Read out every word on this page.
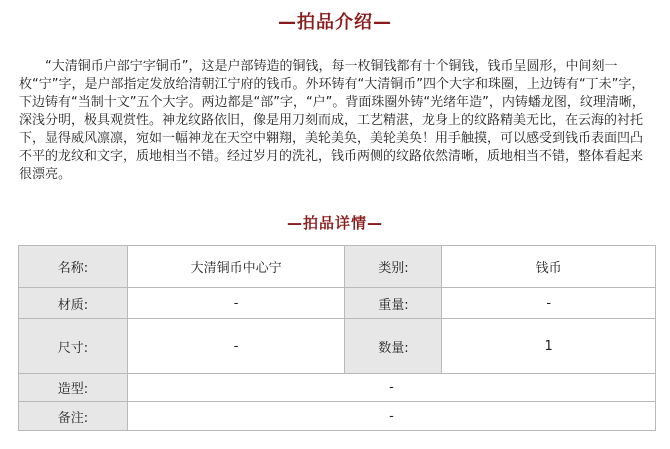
—拍品介绍—

“大清铜币户部宁字铜币”，这是户部铸造的铜钱，每一枚铜钱都有十个铜钱，钱币呈圆形，中间刻一枚“宁”字，是户部指定发放给清朝江宁府的钱币。外环铸有“大清铜币”四个大字和珠圈，上边铸有“丁未”字，下边铸有“当制十文”五个大字。两边都是“部”字，“户”。背面珠圈外铸“光绪年造”，内铸蟠龙图，纹理清晰，深浅分明，极具观赏性。神龙纹路依旧，像是用刀刻而成，工艺精湛，龙身上的纹路精美无比，在云海的衬托下，显得威风凛凛，宛如一幅神龙在天空中翱翔，美轮美奂，美轮美奂！用手触摸，可以感受到钱币表面凹凸不平的龙纹和文字，质地相当不错。经过岁月的洗礼，钱币两侧的纹路依然清晰，质地相当不错，整体看起来很漂亮。

—拍品详情—
名称:	大清铜币中心宁	类别:	钱币
材质:	-	重量:	-
尺寸:	-	数量:	1
造型:	-		
备注:	-		
